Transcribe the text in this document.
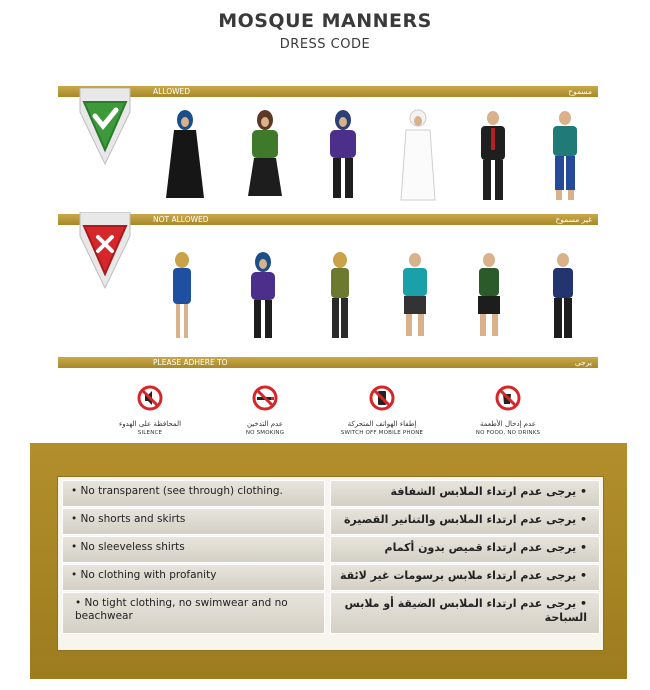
MOSQUE MANNERS
DRESS CODE
ALLOWED	مسموح
NOT ALLOWED	غير مسموح
PLEASE ADHERE TO	يرجى
المحافظة على الهدوء
SILENCE
عدم التدخين
NO SMOKING
إطفاء الهواتف المتحركة
SWITCH OFF MOBILE PHONE
عدم إدخال الأطعمة
NO FOOD, NO DRINKS
• No transparent (see through) clothing.	• يرجى عدم ارتداء الملابس الشفافة
• No shorts and skirts	• يرجى عدم ارتداء الملابس والتنانير القصيرة
• No sleeveless shirts	• يرجى عدم ارتداء قميص بدون أكمام
• No clothing with profanity	• يرجى عدم ارتداء ملابس برسومات غير لائقة
• No tight clothing, no swimwear and no beachwear
• يرجى عدم ارتداء الملابس الضيقة أو ملابس السباحة
